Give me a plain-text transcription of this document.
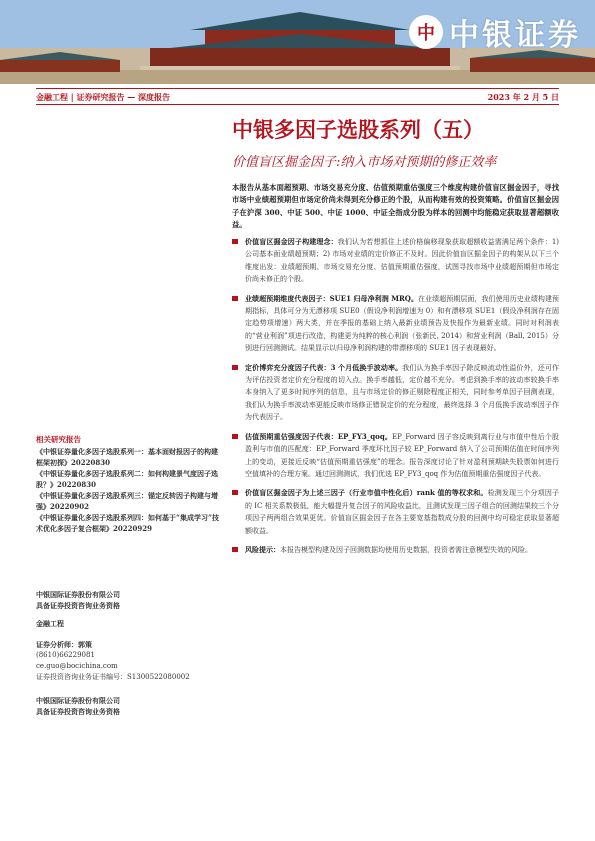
中 中银证券
金融工程 | 证券研究报告 — 深度报告	2023 年 2 月 5 日
中银多因子选股系列（五）
价值盲区掘金因子:纳入市场对预期的修正效率

本报告从基本面超预期、市场交易充分度、估值预期重估强度三个维度构建价值盲区掘金因子，寻找市场中业绩超预期但市场定价尚未得到充分修正的个股，从而构建有效的投资策略。价值盲区掘金因子在沪深 300、中证 500、中证 1000、中证全指成分股为样本的回测中均能稳定获取显著超额收益。

价值盲区掘金因子构建理念：我们认为若想抓住上述价格偏移现象获取超额收益需满足两个条件：1) 公司基本面业绩超预期；2) 市场对业绩的定价修正不及时。因此价值盲区掘金因子的构架从以下三个维度出发：业绩超预期、市场交易充分度、估值预期重估强度，试图寻找市场中业绩超预期但市场定价尚未修正的个股。
业绩超预期维度代表因子：SUE1 归母净利润 MRQ。在业绩超预期层面，我们使用历史业绩构建预期指标，具体可分为无漂移项 SUE0（假设净利润增速为 0）和有漂移项 SUE1（假设净利润存在固定趋势项增速）两大类，并在季报的基础上纳入最新业绩预告及快报作为最新业绩。同时对利润表的“营业利润”项进行改造，构建更为纯粹的核心利润（张新民, 2014）和营业利润（Ball, 2015）分别进行回测测试。结果显示以归母净利润构建的带漂移项的 SUE1 因子表现最好。
定价博弈充分度因子代表：3 个月低换手波动率。我们认为换手率因子除反映流动性溢价外，还可作为评估投资者定价充分程度的切入点。换手率越低，定价越不充分。考虑到换手率的波动率较换手率本身纳入了更多时间序列的信息，且与市场定价的修正剔除程度正相关，同时参考单因子回测表现，我们认为换手率波动率更能反映市场修正错误定价的充分程度，最终选择 3 个月低换手波动率因子作为代表因子。
估值预期重估强度因子代表：EP_FY3_qoq。EP_Forward 因子容反映到离行业与市值中性后个股盈利与市值的匹配度：EP_Forward 季度环比因子较 EP_Forward 纳入了公司预期估值在时间序列上的变动，更接近反映“估值预期重估强度”的理念。报告深度讨论了针对盈利预期缺失股票如何进行空值填补的合理方案。通过回测测试，我们优选 EP_FY3_qoq 作为估值预期重估强度因子代表。
价值盲区掘金因子为上述三因子（行业市值中性化后）rank 值的等权求和。检测发现三个分项因子的 IC 相关系数极低，能大幅提升复合因子的风险收益比，且测试发现三因子组合的回测结果较三个分项因子两两组合效果更优。价值盲区掘金因子在各主要宽基指数成分股的回测中均可稳定获取显著超额收益。
风险提示：本报告模型构建及因子回测数据均使用历史数据，投资者需注意模型失效的风险。
相关研究报告

《中银证券量化多因子选股系列一：基本面财报因子的构建框架初探》20220830

《中银证券量化多因子选股系列二：如何构建景气度因子选股？》20220830

《中银证券量化多因子选股系列三：锚定反转因子构建与增强》20220902

《中银证券量化多因子选股系列四：如何基于“集成学习”技术优化多因子复合框架》20220929

中银国际证券股份有限公司

具备证券投资咨询业务资格

金融工程

证券分析师：郭策

(8610)66229081

ce.guo@bocichina.com

证券投资咨询业务证书编号：S1300522080002

中银国际证券股份有限公司

具备证券投资咨询业务资格
